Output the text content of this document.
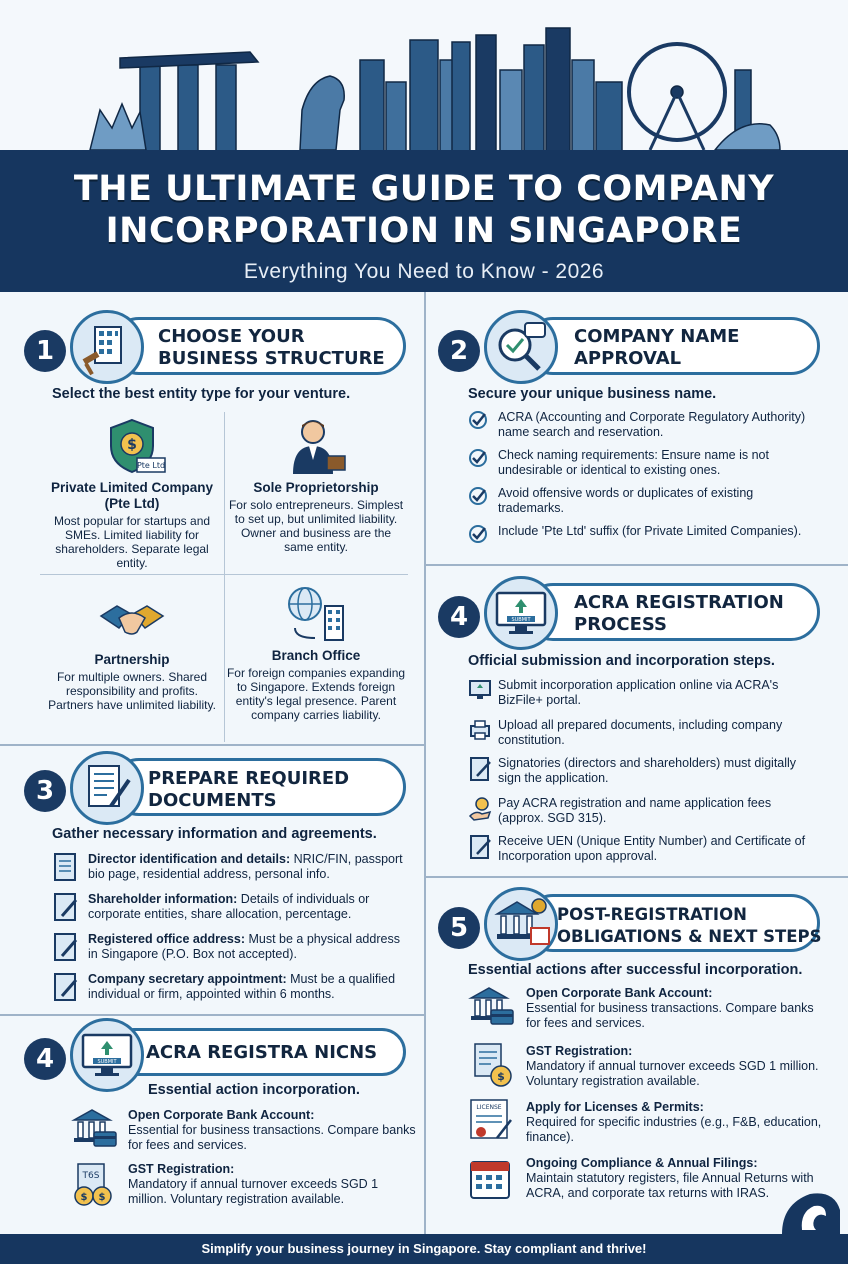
THE ULTIMATE GUIDE TO COMPANY
INCORPORATION IN SINGAPORE
Everything You Need to Know - 2026
1	CHOOSE YOUR
BUSINESS STRUCTURE
Select the best entity type for your venture.
$
Pte Ltd
Private Limited Company (Pte Ltd)
Most popular for startups and SMEs. Limited liability for shareholders. Separate legal entity.
Sole Proprietorship
For solo entrepreneurs. Simplest to set up, but unlimited liability. Owner and business are the same entity.
Partnership
For multiple owners. Shared responsibility and profits. Partners have unlimited liability.
Branch Office
For foreign companies expanding to Singapore. Extends foreign entity's legal presence. Parent company carries liability.
2	COMPANY NAME
APPROVAL
Secure your unique business name.
ACRA (Accounting and Corporate Regulatory Authority) name search and reservation.
Check naming requirements: Ensure name is not undesirable or identical to existing ones.
Avoid offensive words or duplicates of existing trademarks.
Include 'Pte Ltd' suffix (for Private Limited Companies).
3	PREPARE REQUIRED
DOCUMENTS
Gather necessary information and agreements.
Director identification and details: NRIC/FIN, passport bio page, residential address, personal info.
Shareholder information: Details of individuals or corporate entities, share allocation, percentage.
Registered office address: Must be a physical address in Singapore (P.O. Box not accepted).
Company secretary appointment: Must be a qualified individual or firm, appointed within 6 months.
SUBMIT
4	ACRA REGISTRATION
PROCESS
Official submission and incorporation steps.
Submit incorporation application online via ACRA's BizFile+ portal.
Upload all prepared documents, including company constitution.
Signatories (directors and shareholders) must digitally sign the application.
Pay ACRA registration and name application fees (approx. SGD 315).
Receive UEN (Unique Entity Number) and Certificate of Incorporation upon approval.
SUBMIT
4	ACRA REGISTRA NICNS
Essential action incorporation.
Open Corporate Bank Account:
Essential for business transactions. Compare banks for fees and services.
T6S
$ $
GST Registration:
Mandatory if annual turnover exceeds SGD 1 million. Voluntary registration available.
5	POST-REGISTRATION
OBLIGATIONS & NEXT STEPS
Essential actions after successful incorporation.
Open Corporate Bank Account:
Essential for business transactions. Compare banks for fees and services.
$
GST Registration:
Mandatory if annual turnover exceeds SGD 1 million. Voluntary registration available.
LICENSE Apply for Licenses & Permits:
Required for specific industries (e.g., F&B, education, finance).
Ongoing Compliance & Annual Filings:
Maintain statutory registers, file Annual Returns with ACRA, and corporate tax returns with IRAS.
Simplify your business journey in Singapore. Stay compliant and thrive!
